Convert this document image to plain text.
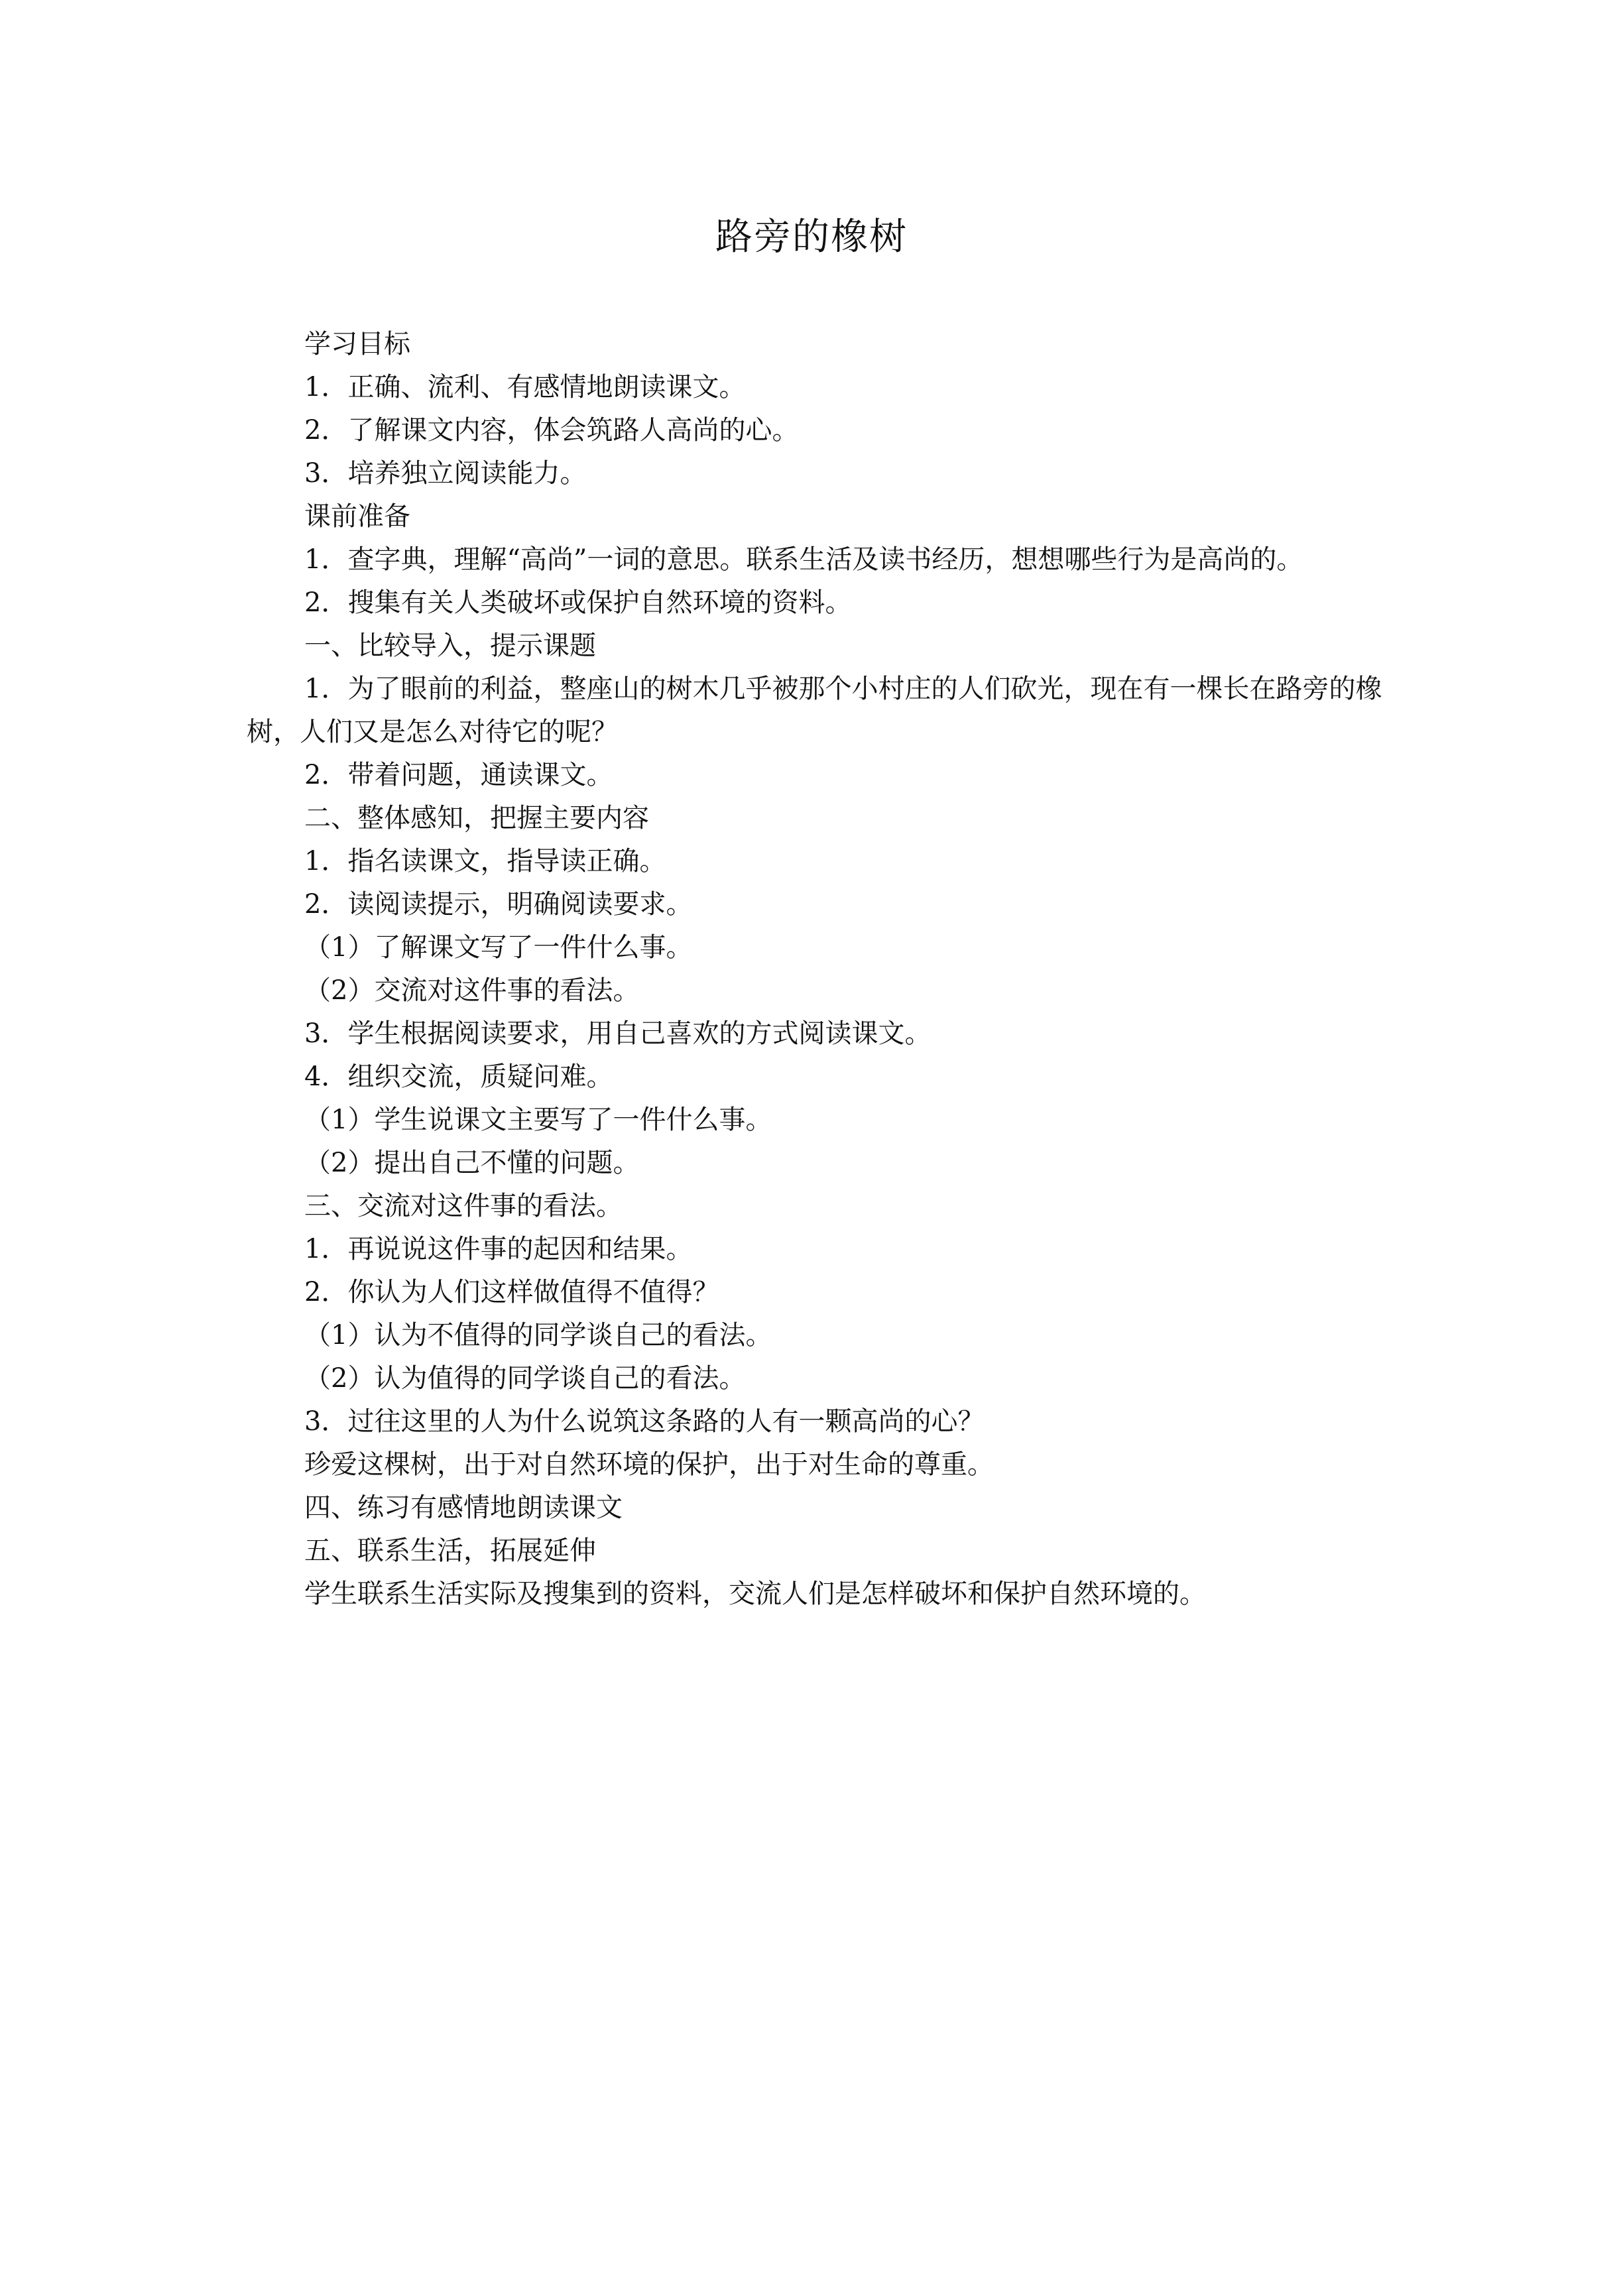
路旁的橡树
学习目标
1．正确、流利、有感情地朗读课文。
2．了解课文内容，体会筑路人高尚的心。
3．培养独立阅读能力。
课前准备
1．查字典，理解“高尚”一词的意思。联系生活及读书经历，想想哪些行为是高尚的。
2．搜集有关人类破坏或保护自然环境的资料。
一、比较导入，提示课题
1．为了眼前的利益，整座山的树木几乎被那个小村庄的人们砍光，现在有一棵长在路旁的橡树，人们又是怎么对待它的呢？
2．带着问题，通读课文。
二、整体感知，把握主要内容
1．指名读课文，指导读正确。
2．读阅读提示，明确阅读要求。
（1）了解课文写了一件什么事。
（2）交流对这件事的看法。
3．学生根据阅读要求，用自己喜欢的方式阅读课文。
4．组织交流，质疑问难。
（1）学生说课文主要写了一件什么事。
（2）提出自己不懂的问题。
三、交流对这件事的看法。
1．再说说这件事的起因和结果。
2．你认为人们这样做值得不值得？
（1）认为不值得的同学谈自己的看法。
（2）认为值得的同学谈自己的看法。
3．过往这里的人为什么说筑这条路的人有一颗高尚的心？
珍爱这棵树，出于对自然环境的保护，出于对生命的尊重。
四、练习有感情地朗读课文
五、联系生活，拓展延伸
学生联系生活实际及搜集到的资料，交流人们是怎样破坏和保护自然环境的。
